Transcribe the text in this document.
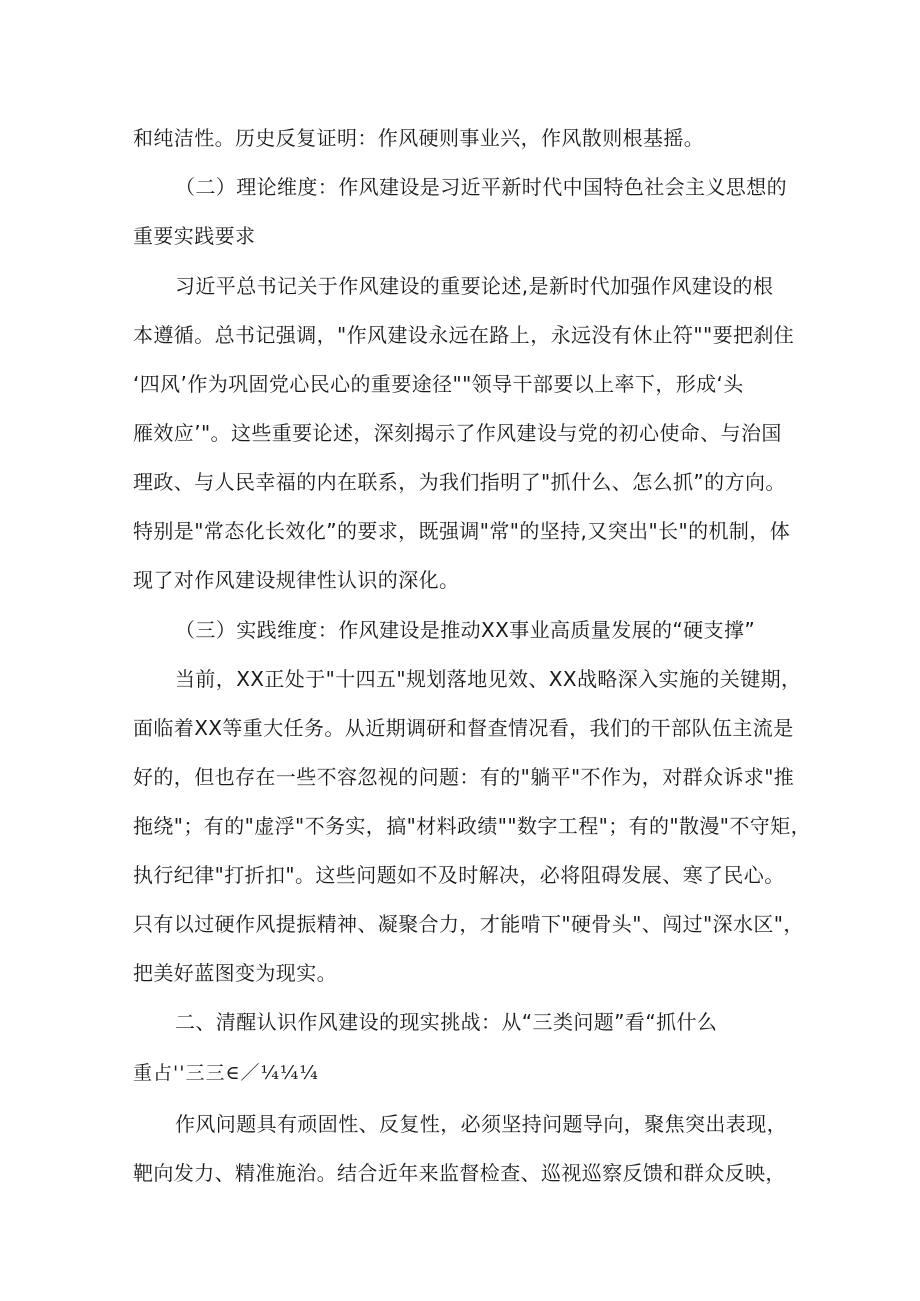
和纯洁性。历史反复证明：作风硬则事业兴，作风散则根基摇。
（二）理论维度：作风建设是习近平新时代中国特色社会主义思想的
重要实践要求
习近平总书记关于作风建设的重要论述,是新时代加强作风建设的根
本遵循。总书记强调，"作风建设永远在路上，永远没有休止符""要把刹住
‘四风’作为巩固党心民心的重要途径""领导干部要以上率下，形成‘头
雁效应’"。这些重要论述，深刻揭示了作风建设与党的初心使命、与治国
理政、与人民幸福的内在联系，为我们指明了"抓什么、怎么抓”的方向。
特别是"常态化长效化”的要求，既强调"常"的坚持,又突出"长"的机制，体
现了对作风建设规律性认识的深化。
（三）实践维度：作风建设是推动XX事业高质量发展的“硬支撑”
当前，XX正处于"十四五"规划落地见效、XX战略深入实施的关键期，
面临着XX等重大任务。从近期调研和督查情况看，我们的干部队伍主流是
好的，但也存在一些不容忽视的问题：有的"躺平"不作为，对群众诉求"推
拖绕"；有的"虚浮"不务实，搞"材料政绩""数字工程"；有的"散漫"不守矩，
执行纪律"打折扣"。这些问题如不及时解决，必将阻碍发展、寒了民心。
只有以过硬作风提振精神、凝聚合力，才能啃下"硬骨头"、闯过"深水区"，
把美好蓝图变为现实。
二、清醒认识作风建设的现实挑战：从“三类问题”看“抓什么
重占''三三∈／¼¼¼
作风问题具有顽固性、反复性，必须坚持问题导向，聚焦突出表现，
靶向发力、精准施治。结合近年来监督检查、巡视巡察反馈和群众反映，
